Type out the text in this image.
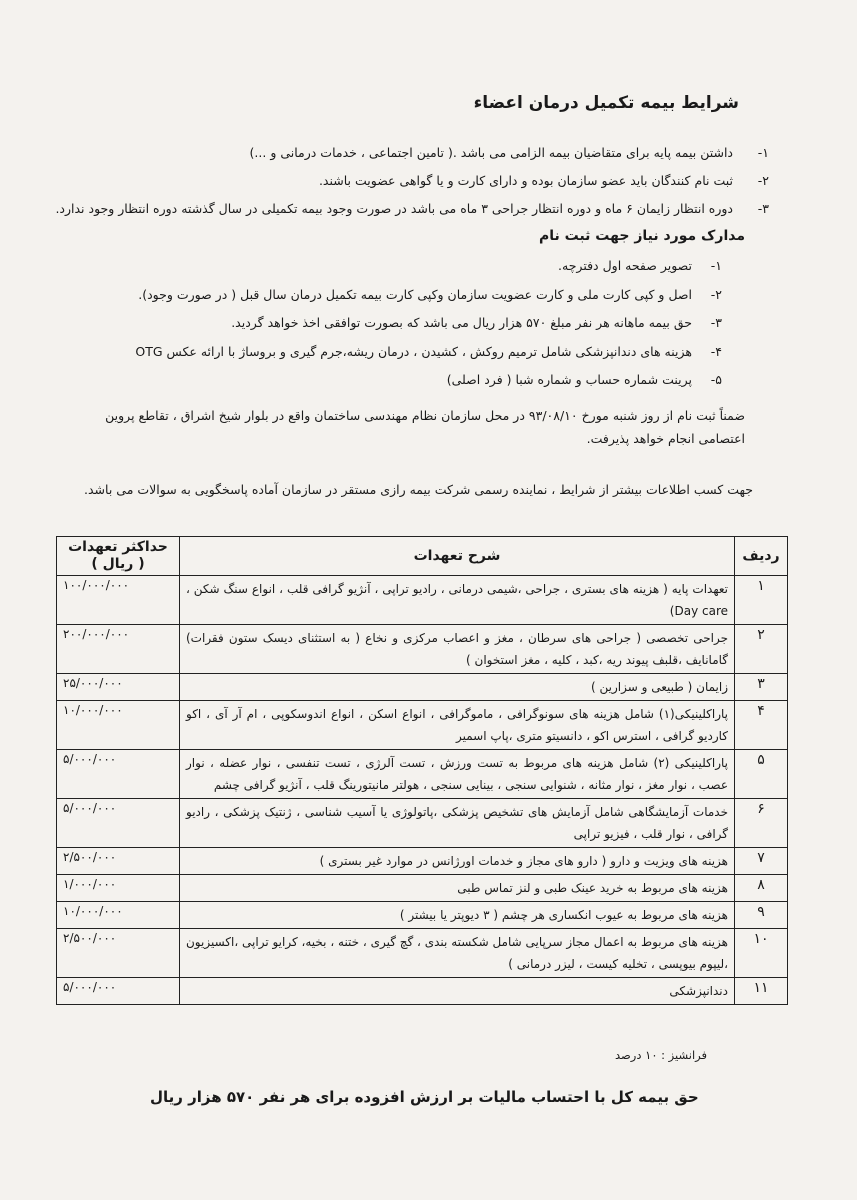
شرایط بیمه تکمیل درمان اعضاء
۱-داشتن بیمه پایه برای متقاضیان بیمه الزامی می باشد .( تامین اجتماعی ، خدمات درمانی و ...)
۲-ثبت نام کنندگان باید عضو سازمان بوده و دارای کارت و یا گواهی عضویت باشند.
۳-دوره انتظار زایمان ۶ ماه و دوره انتظار جراحی ۳ ماه می باشد در صورت وجود بیمه تکمیلی در سال گذشته دوره انتظار وجود ندارد.
مدارک مورد نیاز جهت ثبت نام
۱-تصویر صفحه اول دفترچه.
۲-اصل و کپی کارت ملی و کارت عضویت سازمان وکپی کارت بیمه تکمیل درمان سال قبل ( در صورت وجود).
۳-حق بیمه ماهانه هر نفر مبلغ ۵۷۰ هزار ریال می باشد که بصورت توافقی اخذ خواهد گردید.
۴-هزینه های دندانپزشکی شامل ترمیم روکش ، کشیدن ، درمان ریشه،جرم گیری و بروساژ با ارائه عکس OTG
۵-پرینت شماره حساب و شماره شبا ( فرد اصلی)
ضمناً ثبت نام از روز شنبه مورخ ۹۳/۰۸/۱۰ در محل سازمان نظام مهندسی ساختمان واقع در بلوار شیخ اشراق ، تقاطع پروین اعتصامی انجام خواهد پذیرفت.
جهت کسب اطلاعات بیشتر از شرایط ، نماینده رسمی شرکت بیمه رازی مستقر در سازمان آماده پاسخگویی به سوالات می باشد.
ردیف	شرح تعهدات	حداکثر تعهدات
( ریال )

۱	تعهدات پایه ( هزینه های بستری ، جراحی ،شیمی درمانی ، رادیو تراپی ، آنژیو گرافی قلب ، انواع سنگ شکن ، Day care)	۱۰۰/۰۰۰/۰۰۰
۲	جراحی تخصصی ( جراحی های سرطان ، مغز و اعصاب مرکزی و نخاع ( به استثنای دیسک ستون فقرات) گامانایف ،قلبف پیوند ریه ،کبد ، کلیه ، مغز استخوان )	۲۰۰/۰۰۰/۰۰۰
۳	زایمان ( طبیعی و سزارین )	۲۵/۰۰۰/۰۰۰
۴	پاراکلینیکی(۱) شامل هزینه های سونوگرافی ، ماموگرافی ، انواع اسکن ، انواع اندوسکوپی ، ام آر آی ، اکو کاردیو گرافی ، استرس اکو ، دانسیتو متری ،پاپ اسمیر	۱۰/۰۰۰/۰۰۰
۵	پاراکلینیکی (۲) شامل هزینه های مربوط به تست ورزش ، تست آلرژی ، تست تنفسی ، نوار عضله ، نوار عصب ، نوار مغز ، نوار مثانه ، شنوایی سنجی ، بینایی سنجی ، هولتر مانیتورینگ قلب ، آنژیو گرافی چشم	۵/۰۰۰/۰۰۰
۶	خدمات آزمایشگاهی شامل آزمایش های تشخیص پزشکی ،پاتولوژی یا آسیب شناسی ، ژنتیک پزشکی ، رادیو گرافی ، نوار قلب ، فیزیو تراپی	۵/۰۰۰/۰۰۰
۷	هزینه های ویزیت و دارو ( دارو های مجاز و خدمات اورژانس در موارد غیر بستری )	۲/۵۰۰/۰۰۰
۸	هزینه های مربوط به خرید عینک طبی و لنز تماس طبی	۱/۰۰۰/۰۰۰
۹	هزینه های مربوط به عیوب انکساری هر چشم ( ۳ دیوپتر یا بیشتر )	۱۰/۰۰۰/۰۰۰
۱۰	هزینه های مربوط به اعمال مجاز سرپایی شامل شکسته بندی ، گچ گیری ، ختنه ، بخیه، کرایو تراپی ،اکسیزیون ،لیپوم بیوپسی ، تخلیه کیست ، لیزر درمانی )	۲/۵۰۰/۰۰۰
۱۱	دندانپزشکی	۵/۰۰۰/۰۰۰
فرانشیز : ۱۰ درصد
حق بیمه کل با احتساب مالیات بر ارزش افزوده برای هر نفر ۵۷۰ هزار ریال
